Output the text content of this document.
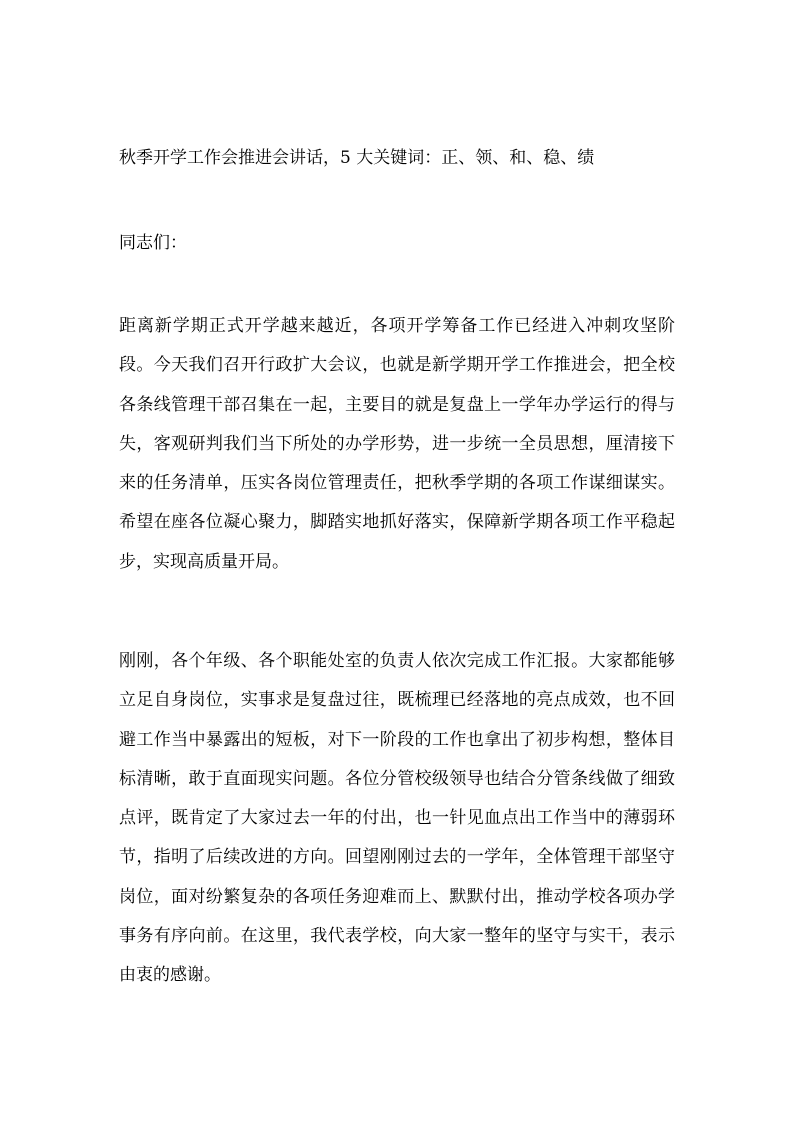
秋季开学工作会推进会讲话，5 大关键词：正、领、和、稳、绩

同志们：

距离新学期正式开学越来越近，各项开学筹备工作已经进入冲刺攻坚阶段。今天我们召开行政扩大会议，也就是新学期开学工作推进会，把全校各条线管理干部召集在一起，主要目的就是复盘上一学年办学运行的得与失，客观研判我们当下所处的办学形势，进一步统一全员思想，厘清接下来的任务清单，压实各岗位管理责任，把秋季学期的各项工作谋细谋实。希望在座各位凝心聚力，脚踏实地抓好落实，保障新学期各项工作平稳起步，实现高质量开局。

刚刚，各个年级、各个职能处室的负责人依次完成工作汇报。大家都能够立足自身岗位，实事求是复盘过往，既梳理已经落地的亮点成效，也不回避工作当中暴露出的短板，对下一阶段的工作也拿出了初步构想，整体目标清晰，敢于直面现实问题。各位分管校级领导也结合分管条线做了细致点评，既肯定了大家过去一年的付出，也一针见血点出工作当中的薄弱环节，指明了后续改进的方向。回望刚刚过去的一学年，全体管理干部坚守岗位，面对纷繁复杂的各项任务迎难而上、默默付出，推动学校各项办学事务有序向前。在这里，我代表学校，向大家一整年的坚守与实干，表示由衷的感谢。
